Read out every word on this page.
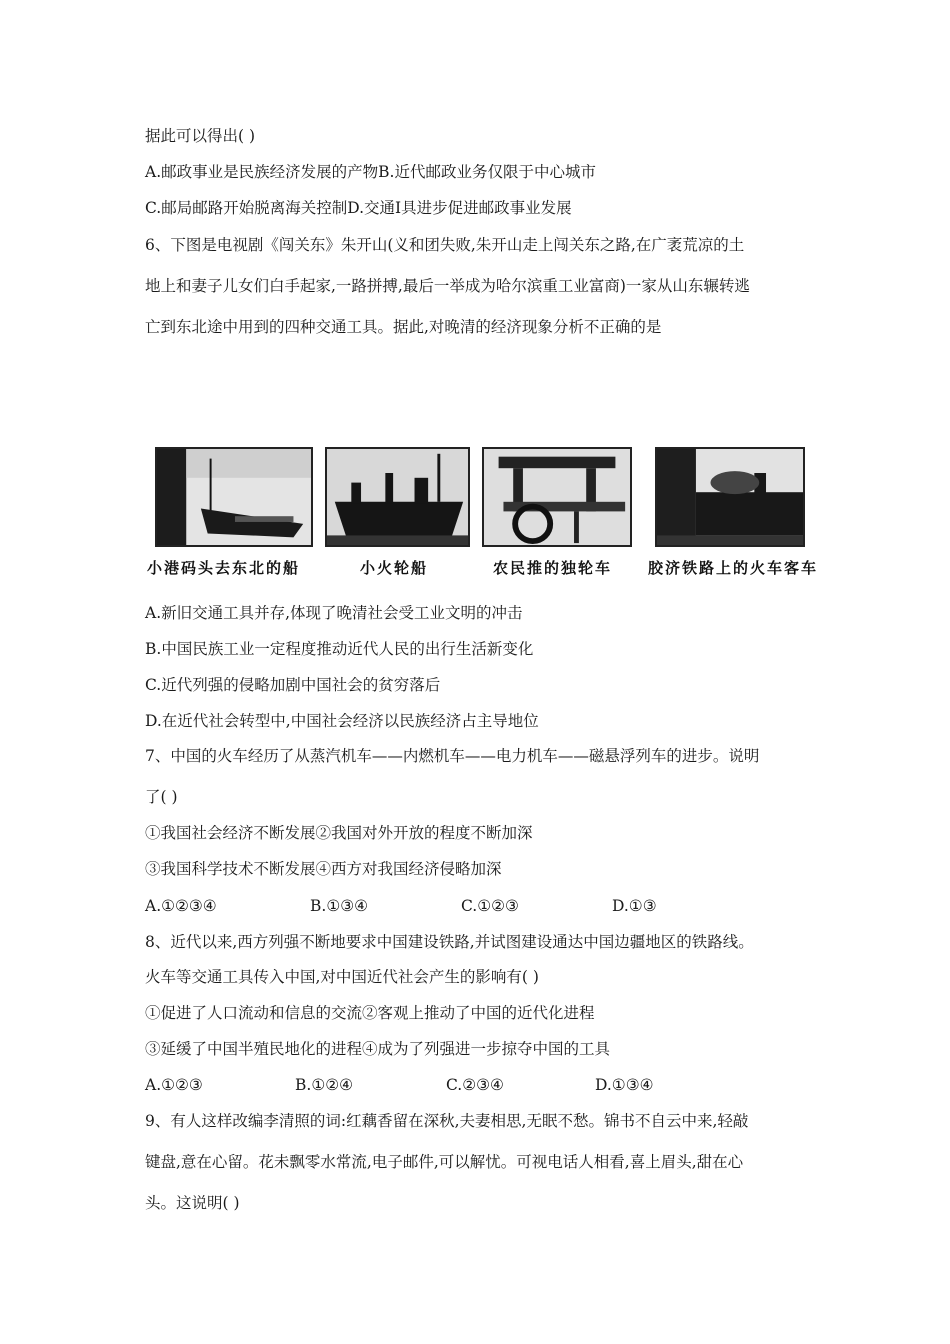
据此可以得出( )
A.邮政事业是民族经济发展的产物B.近代邮政业务仅限于中心城市
C.邮局邮路开始脱离海关控制D.交通Ⅰ具进步促进邮政事业发展
6、下图是电视剧《闯关东》朱开山(义和团失败,朱开山走上闯关东之路,在广袤荒凉的土
地上和妻子儿女们白手起家,一路拼搏,最后一举成为哈尔滨重工业富商)一家从山东辗转逃
亡到东北途中用到的四种交通工具。据此,对晚清的经济现象分析不正确的是
小港码头去东北的船	小火轮船	农民推的独轮车 胶济铁路上的火车客车
A.新旧交通工具并存,体现了晚清社会受工业文明的冲击
B.中国民族工业一定程度推动近代人民的出行生活新变化
C.近代列强的侵略加剧中国社会的贫穷落后
D.在近代社会转型中,中国社会经济以民族经济占主导地位
7、中国的火车经历了从蒸汽机车——内燃机车——电力机车——磁悬浮列车的进步。说明
了( )
①我国社会经济不断发展②我国对外开放的程度不断加深
③我国科学技术不断发展④西方对我国经济侵略加深
A.①②③④	B.①③④	C.①②③	D.①③
8、近代以来,西方列强不断地要求中国建设铁路,并试图建设通达中国边疆地区的铁路线。
火车等交通工具传入中国,对中国近代社会产生的影响有( )
①促进了人口流动和信息的交流②客观上推动了中国的近代化进程
③延缓了中国半殖民地化的进程④成为了列强进一步掠夺中国的工具
A.①②③	B.①②④	C.②③④	D.①③④
9、有人这样改编李清照的词:红藕香留在深秋,夫妻相思,无眠不愁。锦书不自云中来,轻敲
键盘,意在心留。花未飘零水常流,电子邮件,可以解忧。可视电话人相看,喜上眉头,甜在心
头。这说明( )
